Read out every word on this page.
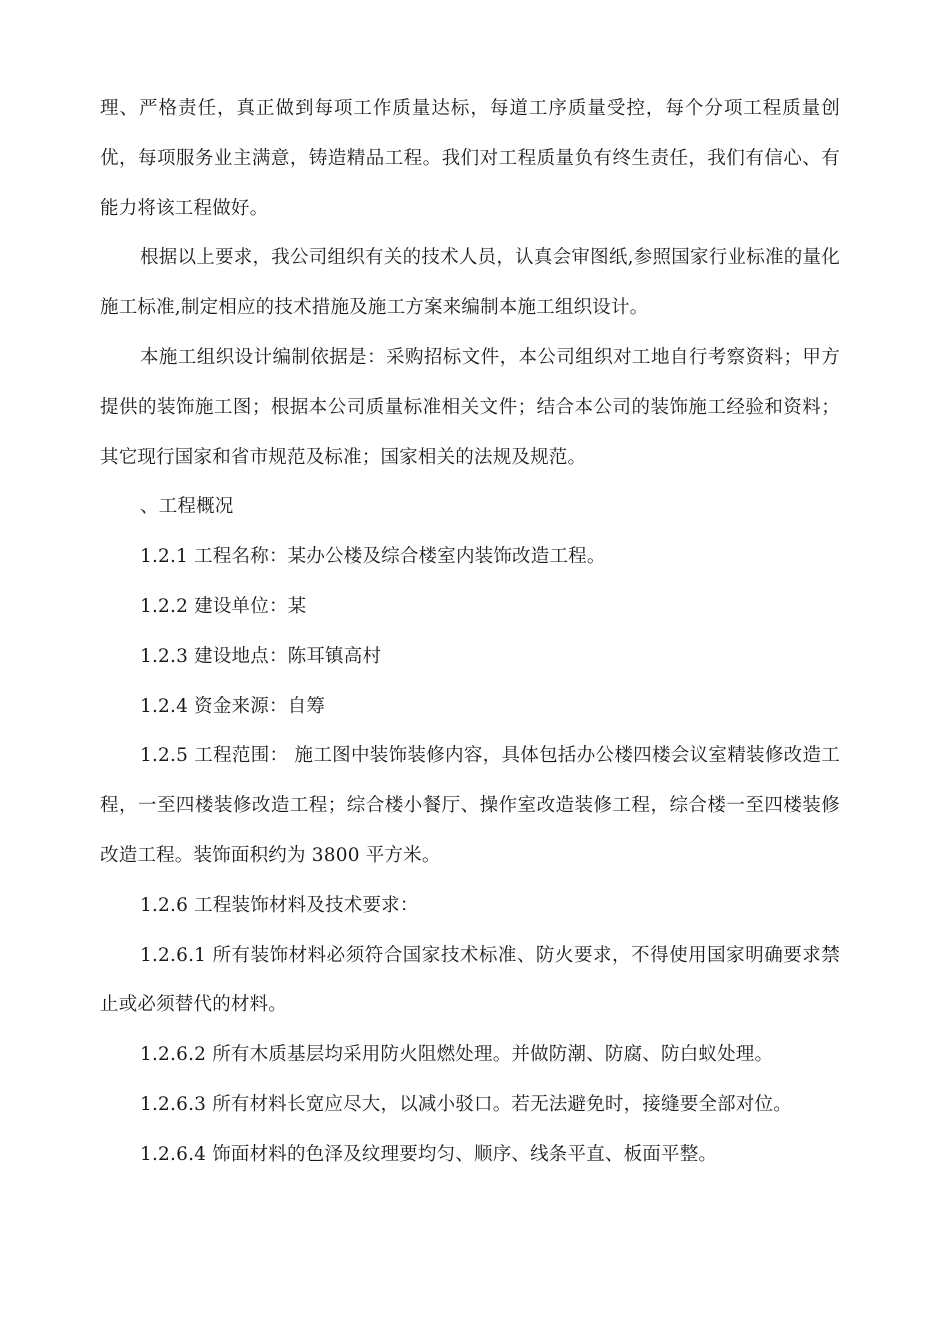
理、严格责任，真正做到每项工作质量达标，每道工序质量受控，每个分项工程质量创优，每项服务业主满意，铸造精品工程。我们对工程质量负有终生责任，我们有信心、有能力将该工程做好。

根据以上要求，我公司组织有关的技术人员，认真会审图纸,参照国家行业标准的量化施工标准,制定相应的技术措施及施工方案来编制本施工组织设计。

本施工组织设计编制依据是：采购招标文件，本公司组织对工地自行考察资料；甲方提供的装饰施工图；根据本公司质量标准相关文件；结合本公司的装饰施工经验和资料；其它现行国家和省市规范及标准；国家相关的法规及规范。

、工程概况

1.2.1 工程名称：某办公楼及综合楼室内装饰改造工程。

1.2.2 建设单位：某

1.2.3 建设地点：陈耳镇高村

1.2.4 资金来源：自筹

1.2.5 工程范围： 施工图中装饰装修内容，具体包括办公楼四楼会议室精装修改造工程，一至四楼装修改造工程；综合楼小餐厅、操作室改造装修工程，综合楼一至四楼装修改造工程。装饰面积约为 3800 平方米。

1.2.6 工程装饰材料及技术要求：

1.2.6.1 所有装饰材料必须符合国家技术标准、防火要求，不得使用国家明确要求禁止或必须替代的材料。

1.2.6.2 所有木质基层均采用防火阻燃处理。并做防潮、防腐、防白蚁处理。

1.2.6.3 所有材料长宽应尽大，以减小驳口。若无法避免时，接缝要全部对位。

1.2.6.4 饰面材料的色泽及纹理要均匀、顺序、线条平直、板面平整。
